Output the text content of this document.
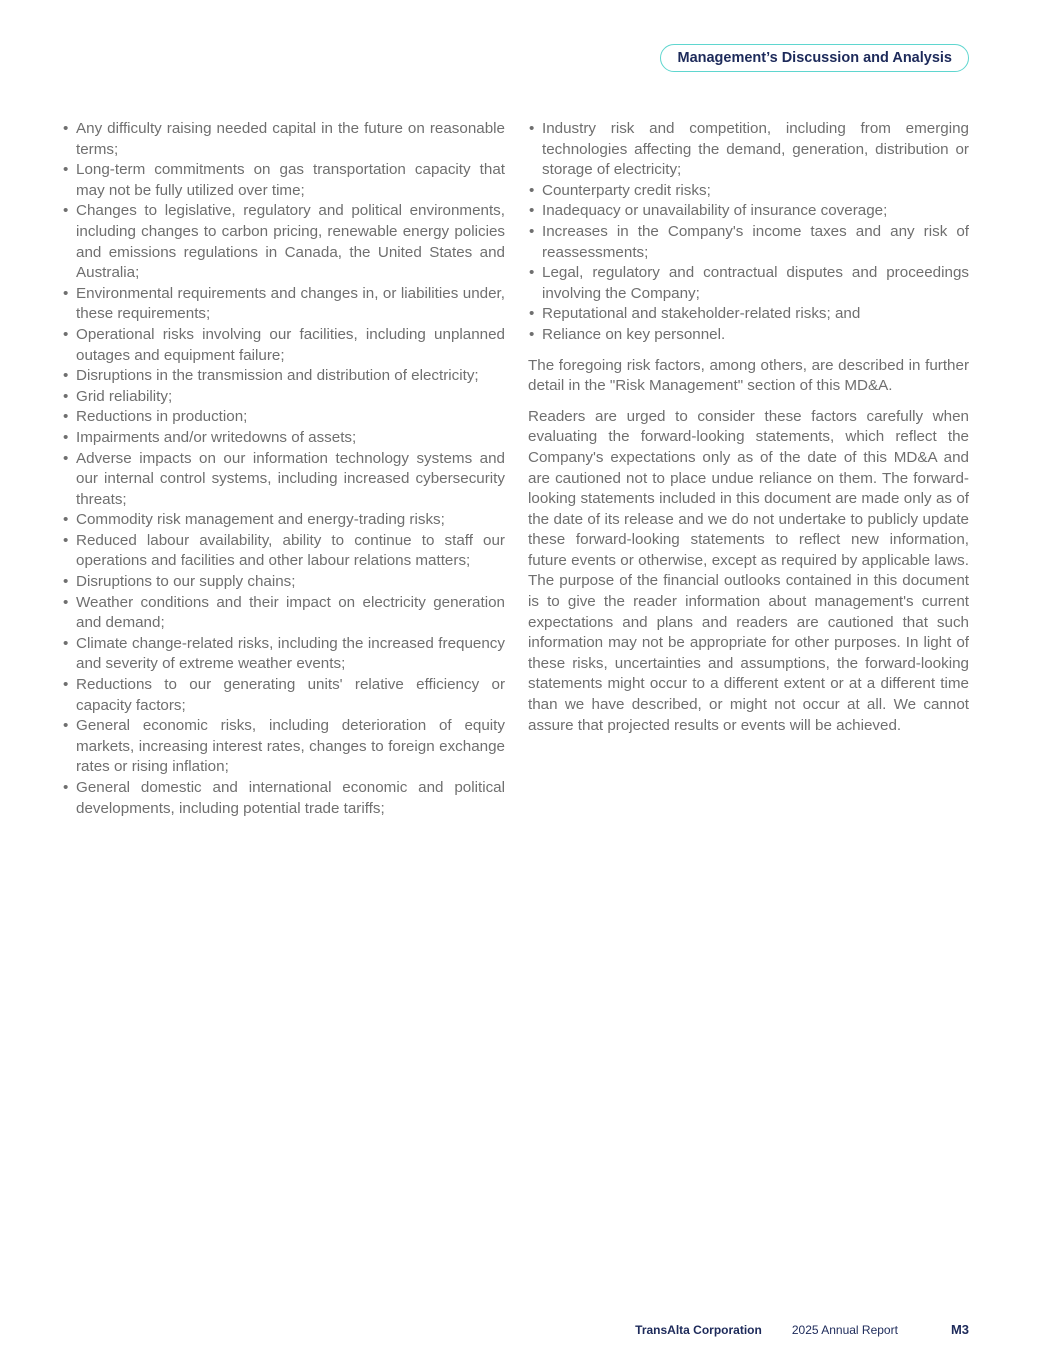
Management’s Discussion and Analysis
• Any difficulty raising needed capital in the future on reasonable terms;
• Long-term commitments on gas transportation capacity that may not be fully utilized over time;
• Changes to legislative, regulatory and political environments, including changes to carbon pricing, renewable energy policies and emissions regulations in Canada, the United States and Australia;
• Environmental requirements and changes in, or liabilities under, these requirements;
• Operational risks involving our facilities, including unplanned outages and equipment failure;
• Disruptions in the transmission and distribution of electricity;
• Grid reliability;
• Reductions in production;
• Impairments and/or writedowns of assets;
• Adverse impacts on our information technology systems and our internal control systems, including increased cybersecurity threats;
• Commodity risk management and energy-trading risks;
• Reduced labour availability, ability to continue to staff our operations and facilities and other labour relations matters;
• Disruptions to our supply chains;
• Weather conditions and their impact on electricity generation and demand;
• Climate change-related risks, including the increased frequency and severity of extreme weather events;
• Reductions to our generating units' relative efficiency or capacity factors;
• General economic risks, including deterioration of equity markets, increasing interest rates, changes to foreign exchange rates or rising inflation;
• General domestic and international economic and political developments, including potential trade tariffs;
• Industry risk and competition, including from emerging technologies affecting the demand, generation, distribution or storage of electricity;
• Counterparty credit risks;
• Inadequacy or unavailability of insurance coverage;
• Increases in the Company's income taxes and any risk of reassessments;
• Legal, regulatory and contractual disputes and proceedings involving the Company;
• Reputational and stakeholder-related risks; and
• Reliance on key personnel.

The foregoing risk factors, among others, are described in further detail in the "Risk Management" section of this MD&A.

Readers are urged to consider these factors carefully when evaluating the forward-looking statements, which reflect the Company's expectations only as of the date of this MD&A and are cautioned not to place undue reliance on them. The forward-looking statements included in this document are made only as of the date of its release and we do not undertake to publicly update these forward-looking statements to reflect new information, future events or otherwise, except as required by applicable laws. The purpose of the financial outlooks contained in this document is to give the reader information about management's current expectations and plans and readers are cautioned that such information may not be appropriate for other purposes. In light of these risks, uncertainties and assumptions, the forward-looking statements might occur to a different extent or at a different time than we have described, or might not occur at all. We cannot assure that projected results or events will be achieved.

TransAlta Corporation	2025 Annual Report	M3
